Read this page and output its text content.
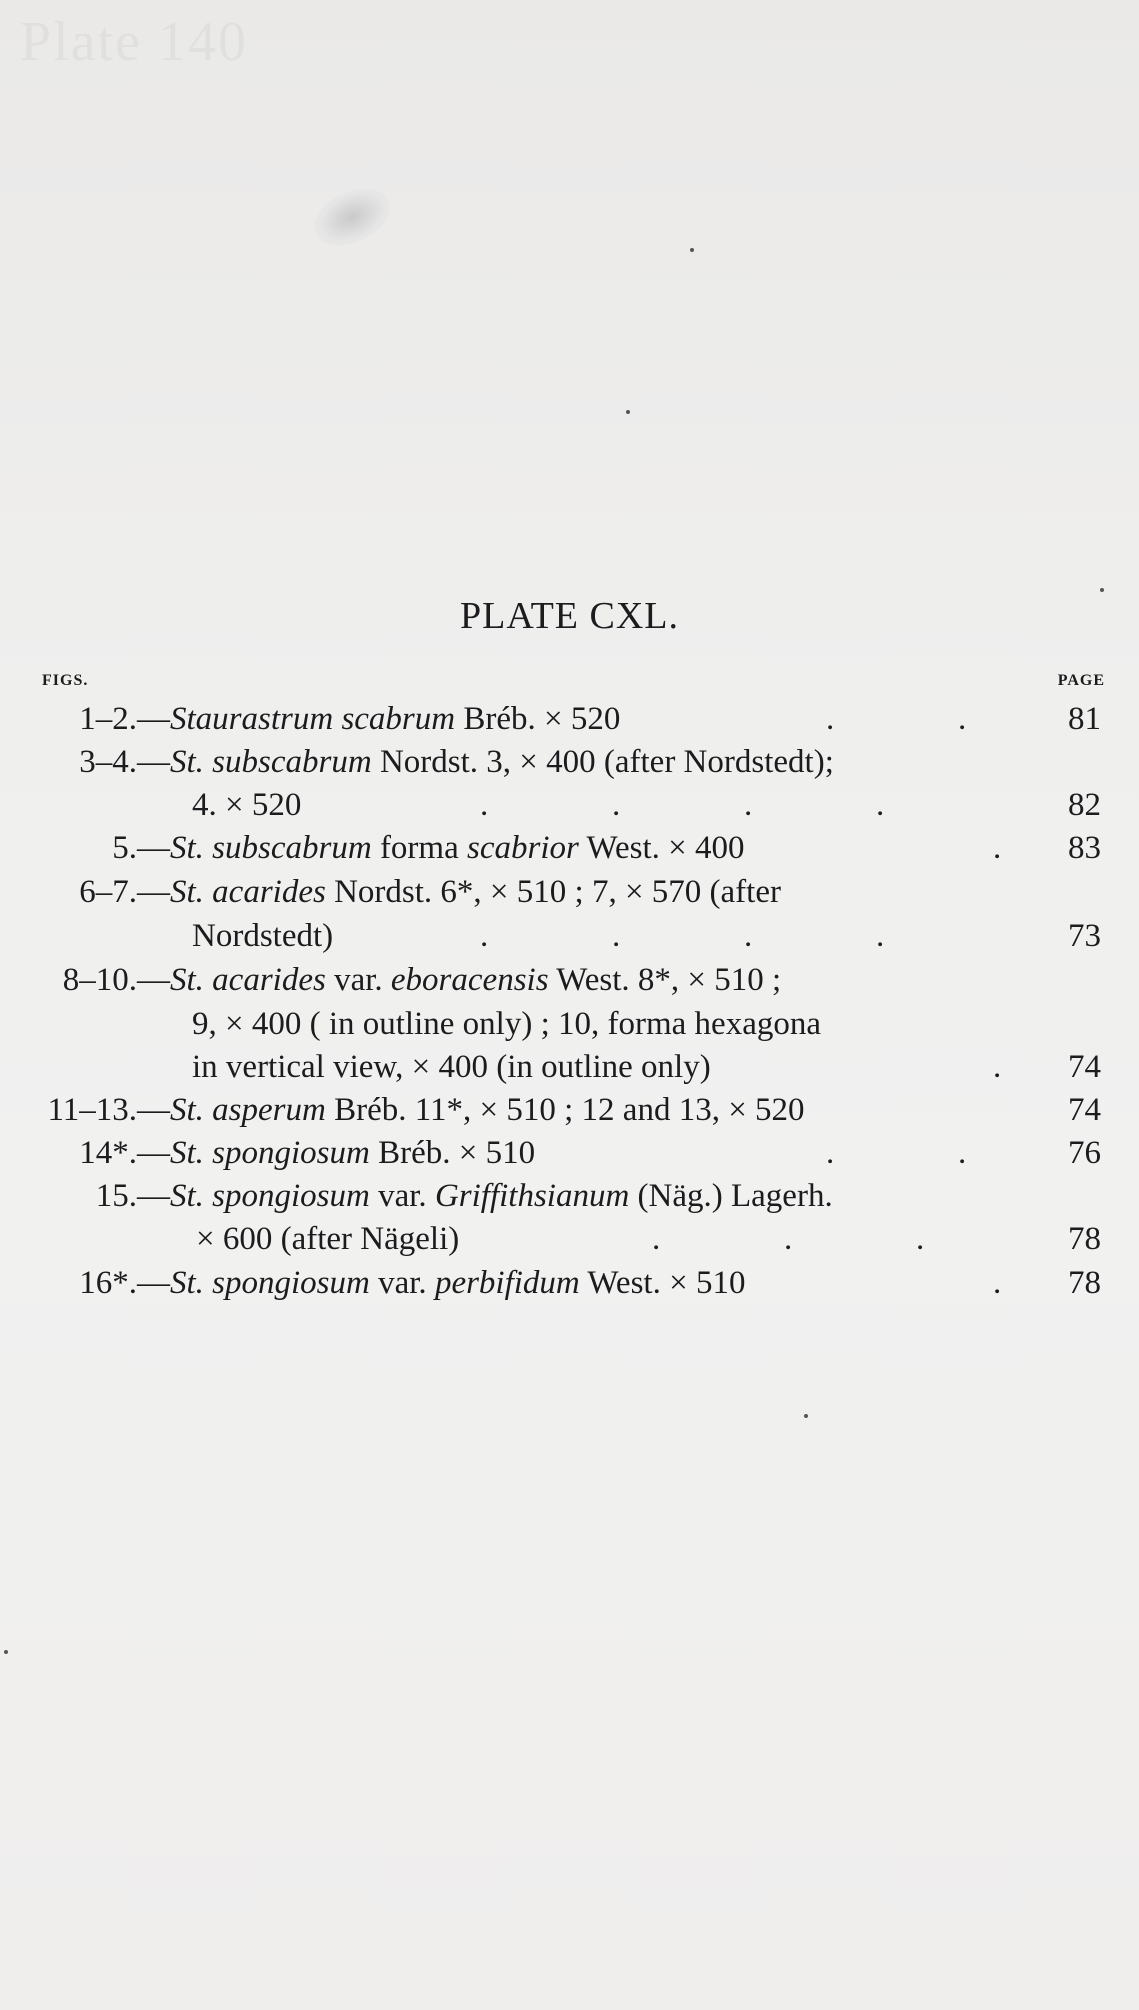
PLATE CXL.
FIGS.	PAGE
1–2.— Staurastrum scabrum Bréb. × 520	.               .	81
3–4.— St. subscabrum Nordst. 3, × 400 (after Nordstedt);
4. × 520	.               .               .               .	82
5.— St. subscabrum forma scabrior West. × 400	.	83
6–7.— St. acarides Nordst. 6*, × 510 ; 7, × 570 (after
Nordstedt)	.               .               .               .	73
8–10.— St. acarides var. eboracensis West. 8*, × 510 ;
9, × 400 ( in outline only) ; 10, forma hexagona
in vertical view, × 400 (in outline only)	.	74
11–13.— St. asperum Bréb. 11*, × 510 ; 12 and 13, × 520	74
14*.— St. spongiosum Bréb. × 510	.               .	76
15.— St. spongiosum var. Griffithsianum (Näg.) Lagerh.
× 600 (after Nägeli)	.               .               .	78
16*.— St. spongiosum var. perbifidum West. × 510	.	78
